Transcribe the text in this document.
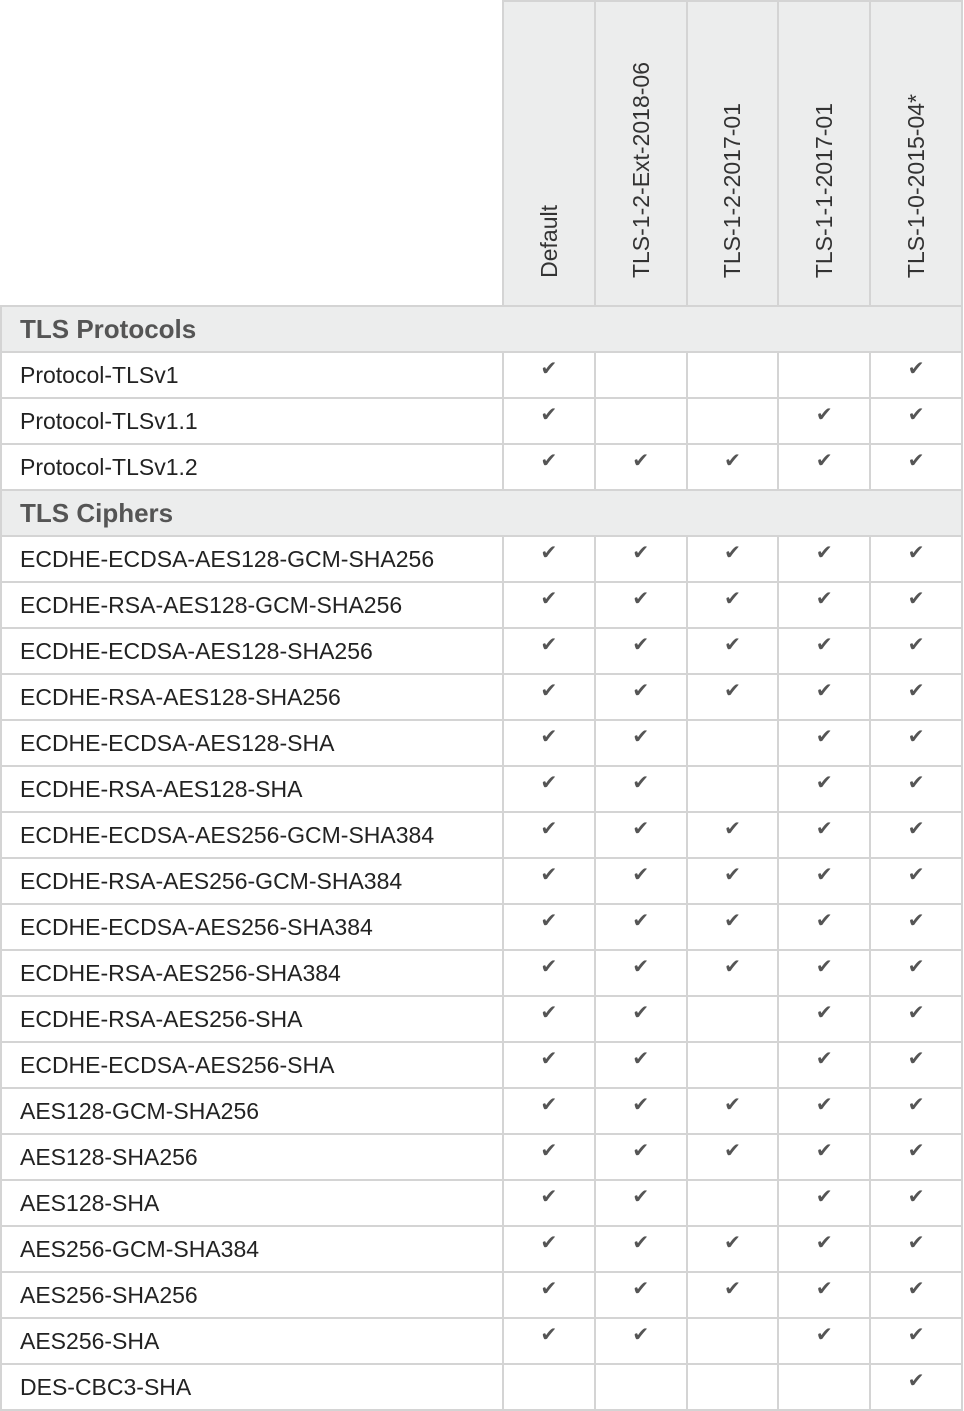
	Default	TLS-1-2-Ext-2018-06	TLS-1-2-2017-01	TLS-1-1-2017-01	TLS-1-0-2015-04*
TLS Protocols					
Protocol-TLSv1	✔				✔
Protocol-TLSv1.1	✔			✔	✔
Protocol-TLSv1.2	✔	✔	✔	✔	✔
TLS Ciphers					
ECDHE-ECDSA-AES128-GCM-SHA256	✔	✔	✔	✔	✔
ECDHE-RSA-AES128-GCM-SHA256	✔	✔	✔	✔	✔
ECDHE-ECDSA-AES128-SHA256	✔	✔	✔	✔	✔
ECDHE-RSA-AES128-SHA256	✔	✔	✔	✔	✔
ECDHE-ECDSA-AES128-SHA	✔	✔		✔	✔
ECDHE-RSA-AES128-SHA	✔	✔		✔	✔
ECDHE-ECDSA-AES256-GCM-SHA384	✔	✔	✔	✔	✔
ECDHE-RSA-AES256-GCM-SHA384	✔	✔	✔	✔	✔
ECDHE-ECDSA-AES256-SHA384	✔	✔	✔	✔	✔
ECDHE-RSA-AES256-SHA384	✔	✔	✔	✔	✔
ECDHE-RSA-AES256-SHA	✔	✔		✔	✔
ECDHE-ECDSA-AES256-SHA	✔	✔		✔	✔
AES128-GCM-SHA256	✔	✔	✔	✔	✔
AES128-SHA256	✔	✔	✔	✔	✔
AES128-SHA	✔	✔		✔	✔
AES256-GCM-SHA384	✔	✔	✔	✔	✔
AES256-SHA256	✔	✔	✔	✔	✔
AES256-SHA	✔	✔		✔	✔
DES-CBC3-SHA					✔
